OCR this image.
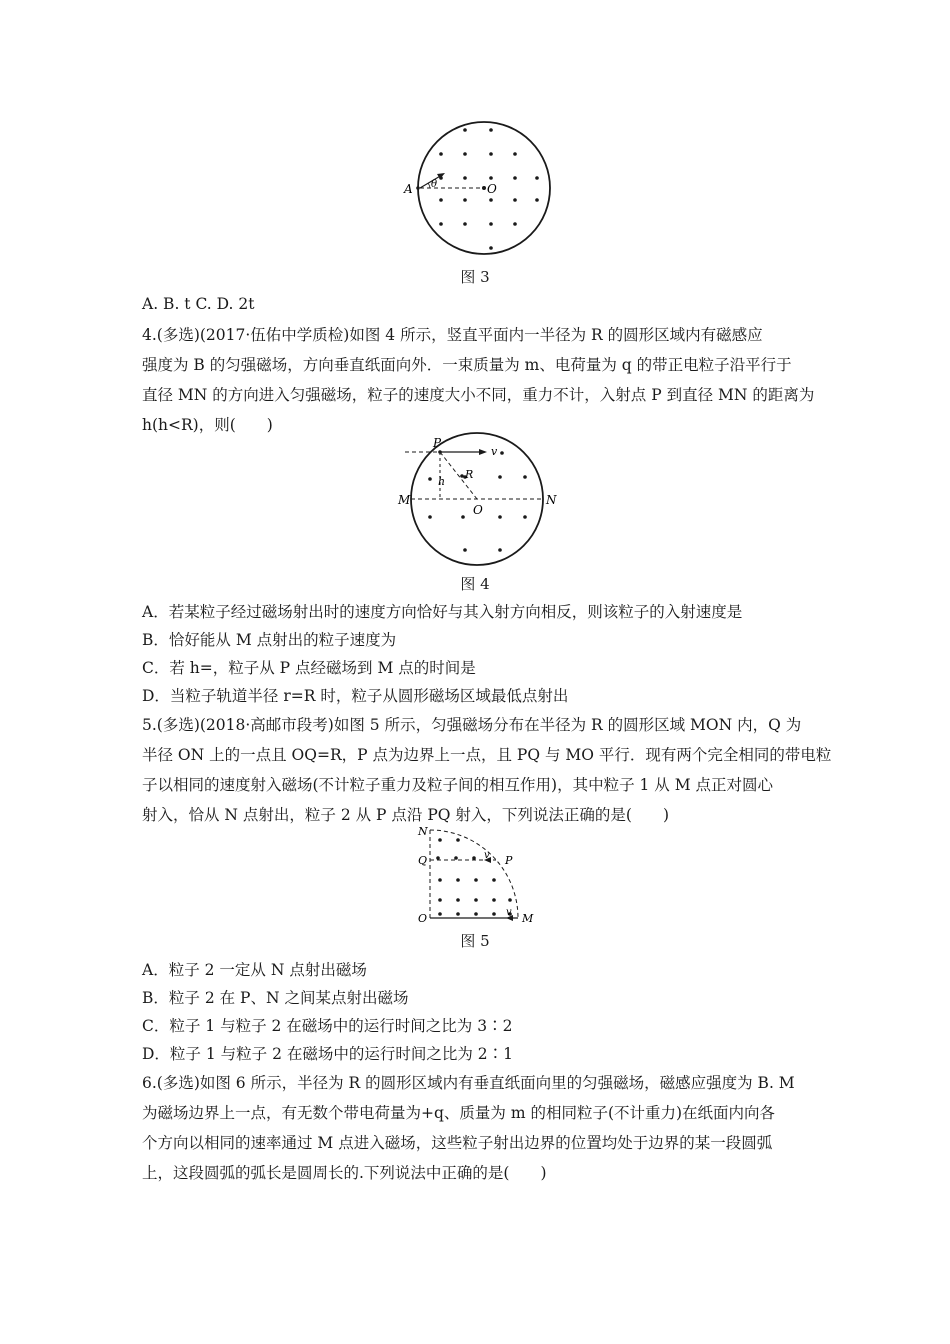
A θ	O
图 3
A. B. t C. D. 2t
4.(多选)(2017·伍佑中学质检)如图 4 所示，竖直平面内一半径为 R 的圆形区域内有磁感应
强度为 B 的匀强磁场，方向垂直纸面向外．一束质量为 m、电荷量为 q 的带正电粒子沿平行于
直径 MN 的方向进入匀强磁场，粒子的速度大小不同，重力不计，入射点 P 到直径 MN 的距离为
h(h<R)，则(　　)
P
v
R
h
M	N
O
图 4
A．若某粒子经过磁场射出时的速度方向恰好与其入射方向相反，则该粒子的入射速度是
B．恰好能从 M 点射出的粒子速度为
C．若 h=，粒子从 P 点经磁场到 M 点的时间是
D．当粒子轨道半径 r=R 时，粒子从圆形磁场区域最低点射出
5.(多选)(2018·高邮市段考)如图 5 所示，匀强磁场分布在半径为 R 的圆形区域 MON 内，Q 为
半径 ON 上的一点且 OQ=R，P 点为边界上一点，且 PQ 与 MO 平行．现有两个完全相同的带电粒
子以相同的速度射入磁场(不计粒子重力及粒子间的相互作用)，其中粒子 1 从 M 点正对圆心
射入，恰从 N 点射出，粒子 2 从 P 点沿 PQ 射入，下列说法正确的是(　　)
N
Q	v P
O	v M
图 5
A．粒子 2 一定从 N 点射出磁场
B．粒子 2 在 P、N 之间某点射出磁场
C．粒子 1 与粒子 2 在磁场中的运行时间之比为 3∶2
D．粒子 1 与粒子 2 在磁场中的运行时间之比为 2∶1
6.(多选)如图 6 所示，半径为 R 的圆形区域内有垂直纸面向里的匀强磁场，磁感应强度为 B. M
为磁场边界上一点，有无数个带电荷量为+q、质量为 m 的相同粒子(不计重力)在纸面内向各
个方向以相同的速率通过 M 点进入磁场，这些粒子射出边界的位置均处于边界的某一段圆弧
上，这段圆弧的弧长是圆周长的.下列说法中正确的是(　　)
